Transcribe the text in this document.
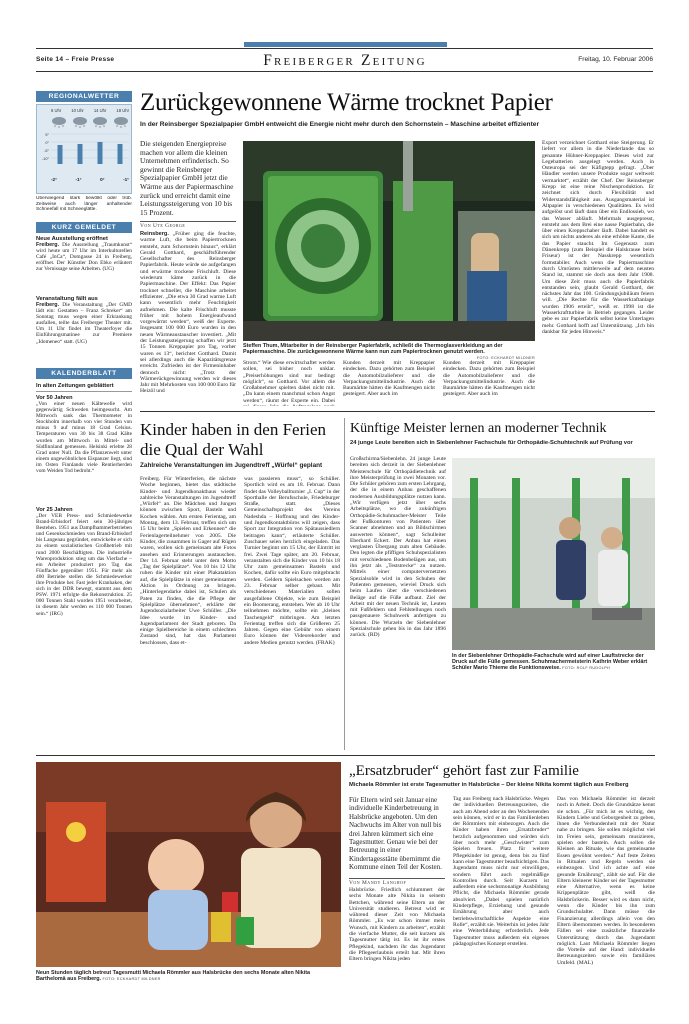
Seite 14 – Freie Presse	Freiberger Zeitung	Freitag, 10. Februar 2006
REGIONALWETTER
6 Uhr 10 Uhr 14 Uhr 18 Uhr
5°
0°
-5°
-10°
-2°	-1°	0°	-1°
Überwiegend stark bewölkt oder trüb. Zeitweise auch länger anhaltender Schneefall mit Schneeglätte.
KURZ GEMELDET
Neue Ausstellung eröffnet
Freiberg. Die Ausstellung „Traumkunst“ wird heute um 17 Uhr im Interkulturellen Café „InCa“, Domgasse 24 in Freiberg, eröffnet. Der Künstler Don Ebko erläutert zur Vernissage seine Arbeiten. (UG)
Veranstaltung fällt aus
Freiberg. Die Veranstaltung „Der GMD lädt ein: Gestatten – Franz Schreker“ am Sonntag muss wegen einer Erkrankung ausfallen, teilte das Freiberger Theater mit. Um 11 Uhr findet im Theaterfoyer die Einführungsmatinee zur Premiere „Idomeneo“ statt. (UG)
KALENDERBLATT
In alten Zeitungen geblättert
Vor 50 Jahren
„Von einer neuen Kältewelle wird gegenwärtig Schweden heimgesucht. Am Mittwoch sank das Thermometer in Stockholm innerhalb von vier Stunden von minus 9 auf minus 18 Grad Celsius. Temperaturen von 30 bis 38 Grad Kälte wurden am Mittwoch in Mittel- und Südfinnland gemessen. Helsinki erlebte 28 Grad unter Null. Da die Pflanzenwelt unter einem ungewöhnlichen Eispanzer liegt, sind im Osten Finnlands viele Rentierherden vom Weiden Tod bedroht.“
Vor 25 Jahren
„Der VEB Press- und Schmiedewerke Brand-Erbisdorf feiert sein 30-jähriges Bestehen. 1951 aus Dampfhammerbetrieben und Gesenkschmieden von Brand-Erbisdorf bis Langenau gegründet, entwickelte er sich zu einem sozialistischen Großbetrieb mit rund 2000 Beschäftigten. Die industrielle Warenproduktion stieg um das Vierfache – ein Arbeiter produziert pro Tag das Fünffache gegenüber 1951. Für mehr als 400 Betriebe stellen die Schmiedewerker ihre Produkte her. Fast jeder Kranhaken, der sich in der DDR bewegt, stammt aus dem PSW. 1971 erfolgte die Rekonstruktion. 25 000 Tonnen Stahl wurden 1951 verarbeitet, in diesem Jahr werden es 110 000 Tonnen sein.“ (IRG)
Zurückgewonnene Wärme trocknet Papier
In der Reinsberger Spezialpapier GmbH entweicht die Energie nicht mehr durch den Schornstein – Maschine arbeitet effizienter
Die steigenden Energiepreise machen vor allem die kleinen Unternehmen erfinderisch. So gewinnt die Reinsberger Spezialpapier GmbH jetzt die Wärme aus der Papiermaschine zurück und erreicht damit eine Leistungssteigerung von 10 bis 15 Prozent.
Von Ute George

Reinsberg. „Früher ging die feuchte, warme Luft, die beim Papiertrocknen entsteht, zum Schornstein hinaus“, erklärt Gerald Gotthard, geschäftsführender Gesellschafter des Reinsberger Papierfabrik. Heute würde sie aufgefangen und erwärme trockene Frischluft. Diese wiederum käme zurück in die Papiermaschine. Der Effekt: Das Papier trocknet schneller, die Maschine arbeitet effizienter. „Die etwa 30 Grad warme Luft kann wesentlich mehr Feuchtigkeit aufnehmen. Die kalte Frischluft musste früher mit hohem Energieaufwand vorgewärmt werden“, weiß der Experte. Insgesamt 100 000 Euro wurden in den neuen Wärmeaustauscher investiert. „Mit der Leistungssteigerung schaffen wir jetzt 15 Tonnen Kreppapier pro Tag, vorher waren es 13“, berichtet Gotthard. Damit sei allerdings auch die Kapazitätsgrenze erreicht. Zufrieden ist der Firmeninhaber dennoch nicht: „Trotz der Wärmerückgewinnung werden wir dieses Jahr mit Mehrkosten von 100 000 Euro für Heizöl und

Steffen Thum, Mitarbeiter in der Reinsberger Papierfabrik, schließt die Thermoglasverkleidung an der Papiermaschine. Die zurückgewonnene Wärme kann nun zum Papiertrocknen genutzt werden.
FOTO: ECKHARDT MILDNER
Strom.“ Wie diese erwirtschaftet werden sollen, sei bisher noch unklar. „Preiserhöhungen sind nur bedingt möglich“, so Gotthard. Vor allem die Großabnehmer spielten dabei nicht mit. „Da kann einem manchmal schon Angst werden“, räumt der Experte ein. Dabei
Kunden derzeit mit Kreppapier eindecken. Dazu gehörten zum Beispiel die Automobilzulieferer und die Verpackungsmittelindustrie. Auch die Baumärkte hätten die Kaufmengen nicht gesteigert. Aber auch im

Kunden derzeit mit Kreppapier eindecken. Dazu gehörten zum Beispiel die Automobilzulieferer und die Verpackungsmittelindustrie. Auch die Baumärkte hätten die Kaufmengen nicht gesteigert. Aber auch im

Export verzeichnet Gotthard eine Steigerung. Er liefert vor allem in die Niederlande das so genannte Hühner-Kreppapier. Dieses wird zur Legebatterien ausgelegt werden. Auch in Osteuropa sei der Käfigtepp gefragt. „Über Händler werden unsere Produkte sogar weltweit vermarktet“, erzählt der Chef. Der Reinsberger Krepp ist eine reine Nischenproduktion. Er zeichnet sich durch Flexibilität und Widerstandsfähigkeit aus. Ausgangsmaterial ist Altpapier in verschiedenen Qualitäten. Es wird aufgelöst und läuft dann über ein Endlossieb, wo das Wasser abläuft. Mehrmals ausgepresst, entsteht aus dem Brei eine nasse Papierbahn, die über einen Kreppschaber läuft. Dabei handelt es sich um nichts anderes als eine erhöhte Kante, die das Papier staucht. Im Gegensatz zum Dänenkrepp (zum Beispiel die Halskrause beim Friseur) ist der Nasskrepp wesentlich formstabiler. Auch wenn die Papiermaschine durch Umrüsten mittlerweile auf dem neusten Stand ist, stammt sie doch aus dem Jahr 1908. Um diese Zeit muss auch die Papierfabrik entstanden sein, glaubt Gerald Gotthard, der nächstes Jahr das 100. Gründungsjubiläum feiern will. „Die Rechte für die Wasserkraftanlage wurden 1906 erteilt“, weiß er. 1998 ist die Wasserkraftturbine in Betrieb gegangen. Leider gebe es zur Papierfabrik selbst keine Unterlagen mehr. Gotthard hofft auf Unterstützung. „Ich bin dankbar für jeden Hinweis.“
Kinder haben in den Ferien die Qual der Wahl
Zahlreiche Veranstaltungen im Jugendtreff „Würfel“ geplant

Freiberg. Für Winterferien, die nächste Woche beginnen, bietet das städtische Kinder- und Jugendkonakthaus wieder zahlreiche Veranstaltungen im Jugendtreff „Würfel“ an. Die Mädchen und Jungen können zwischen Sport, Basteln und Kochen wählen. Am ersten Ferientag, am Montag, dem 13. Februar, treffen sich um 15 Uhr beim „Spielen und Erkennen“ die Ferienlagerteilnehmer von 2005. Die Kinder, die zusammen in Gager auf Rügen waren, wollen sich gemeinsam alte Fotos ansehen und Erinnerungen austauschen. Der 14. Februar steht unter dem Motto „Tag der Spielplätze“. Von 10 bis 12 Uhr ruhen die Kinder mit einer Plakataktion auf, die Spielplätze in einer gemeinsamen Aktion in Ordnung zu bringen. „Hinterlegendarke dabei ist, Schulen als Paten zu finden, die die Pflege der Spielplätze übernehmen“, erklärte der Jugendsozialarbeiter Uwe Schüller. „Die Idee wurde im Kinder- und Jugendparlament der Stadt geboren. Da einige Spielbereiche in einem schlechten Zustand sind, hat das Parlament beschlossen, dass et-

was passieren muss“, so Schüller. Sportlich wird es am 18. Februar. Dann findet das Volleyballturnier „I. Cup“ in der Sporthalle der Berufsschule, Friedeburger Straße, statt. „Dieses Gemeinschaftsprojekt des Vereins Nadeshda – Hoffnung und des Kinder- und Jugendkontaktbüros will zeigen, dass Sport zur Integration von Spätaussiedlern beitragen kann“, erläuterte Schüller. Zuschauer seien herzlich eingeladen. Das Turnier beginnt um 15 Uhr, der Eintritt ist frei. Zwei Tage später, am 20. Februar, veranstalten sich die Kinder von 10 bis 18 Uhr zum gemeinsamen Basteln und Kochen, dafür sollte ein Euro mitgebracht werden. Geldern Spielsachen werden am 23. Februar selber gebaut. Mit verschiedenen Materialien sollen ausgefallene Objekte, wie zum Beispiel ein Boomerang, entstehen. Wer ab 10 Uhr teilnehmen möchte, sollte ein „kleines Taschengeld“ mitbringen. Am letzten Ferientag treffen sich die Größeren 25 Jahren. Gegen eine Gebühr von einem Euro können der Videorekorder und andere Medien genutzt werden. (FRAK)
Künftige Meister lernen an moderner Technik
24 junge Leute bereiten sich in Siebenlehner Fachschule für Orthopädie-Schuhtechnik auf Prüfung vor
Großschirma/Siebenlehn. 24 junge Leute bereiten sich derzeit in der Siebenlehner Meisterschule für Orthopädietechnik auf ihre Meisterprüfung in zwei Monaten vor. Die Schüler gehören zum ersten Lehrgang, der die in einem Anbau geschaffenen modernen Ausbildungsplätze nutzen kann. „Wir verfügen jetzt über sechs Arbeitsplätze, wo die zukünftigen Orthopädie-Schuhmacher-Meister Teile der Fußkonturen von Patienten über Scanner abnehmen und an Bildschirmen auswerten können“, sagt Schulleiter Eberhard Eckert. Der Anbau hat einen verglasten Übergang zum alten Gebäude. Den legten die pfiffigen Schuhspezialisten mit verschiedenen Bodenbelägen aus, um ihn jetzt als „Teststrecke“ zu nutzen. Mittels einer computervernetzten Spezialsohle wird in den Schuhen der Patienten gemessen, wieviel Druck sich beim Laufen über die verschiedenen Beläge auf die Füße aufbaut. Ziel der Arbeit mit der neuen Technik ist, Leuten mit Fußfehlern und Fehlstellungen noch passgenauere Schuhwerk anfertigen zu können. Die Wurzeln der Siebenlehner Spezialschule gehen bis in das Jahr 1896 zurück. (RD)
In der Siebenlehner Orthopädie-Fachschule wird auf einer Lauftstrecke der Druck auf die Füße gemessen. Schuhmachermeisterin Kathrin Weber erklärt Schüler Mario Thieme die Funktionsweise. FOTO: ROLF RUDOLPH
Neun Stunden täglich betreut Tagesmutti Michaela Römmler aus Halsbrücke den sechs Monate alten Nikita Barthelomä aus Freiberg. FOTO: ECKHARDT MILDNER
„Ersatzbruder“ gehört fast zur Familie
Michaela Römmler ist erste Tagesmutter in Halsbrücke – Der kleine Nikita kommt täglich aus Freiberg
Für Eltern wird seit Januar eine individuelle Kinderbetreuung in Halsbrücke angeboten. Um den Nachwuchs im Alter von null bis drei Jahren kümmert sich eine Tagesmutter. Genau wie bei der Betreuung in einer Kindertagesstätte übernimmt die Kommune einen Teil der Kosten.
Von Mandy Langhof

Halsbrücke. Friedlich schlummert der sechs Monate alte Nikita in seinem Bettchen, während seine Eltern an der Universität studieren. Betreut wird er während dieser Zeit von Michaela Römmler. „Es war schon immer mein Wunsch, mit Kindern zu arbeiten“, erzählt die vierfache Mutter, die seit kurzem als Tagesmutter tätig ist. Es ist ihr erstes Pflegekind, nachdem ihr das Jugendamt die Pflegeerlaubnis erteilt hat. Mit ihren Eltern bringen Nikita jeden

Tag aus Freiberg nach Halsbrücke. Wegen der individuellen Betreuungszeiten, die auch am Abend oder an den Wochenenden sein können, wird er in das Familienleben der Römmlers mit einbezogen. Auch die Kinder haben ihren „Ersatzbruder“ herzlich aufgenommen und würden sich über noch mehr „Geschwister“ zum Spielen freuen. Platz für weitere Pflegekinder ist genug, denn bis zu fünf kann eine Tagesmutter beaufsichtigen. Das Jugendamt muss nicht nur einwilligen, sondern führt auch regelmäßige Kontrollen durch. Seit Kurzem ist außerdem eine sechsmonatige Ausbildung Pflicht, die Michaela Römmler gerade absolviert. „Dabei spielen natürlich Kinderpflege, Erziehung und gesunde Ernährung aber auch betriebswirtschaftliche Aspekte eine Rolle“, erzählt sie. Weiterhin ist jedes Jahr eine Weiterbildung erforderlich. Jede Tagesmutter muss außerdem ein eigenes pädagogisches Konzept erstellen.
Das von Michaela Römmler ist derzeit noch in Arbeit. Doch die Grundsätze kennt sie schon. „Für mich ist es wichtig, den Kindern Liebe und Geborgenheit zu geben, ihnen die Verbundenheit mit der Natur nahe zu bringen. Sie sollen möglichst viel im Freien sein, gemeinsam musizieren, spielen oder basteln. Auch sollen die Kleinen an Rituale, wie das gemeinsame Essen gewöhnt werden.“ Auf feste Zeiten in Ritualen und Regeln werden sie einbezogen. Und ich achte auf eine gesunde Ernährung“, zählt sie auf. Für die Eltern kleinerer Kinder sei der Tagesmutter eine Alternative, wenn es keine Krippenplätze gibt, weiß die Halsbrückerin. Besser wird es dann nicht, wenn die Kinder bis ihn zum Grundschulalter. Dann müsse die Finanzierung allerdings allein von den Eltern übernommen werden. In besonderen Fällen sei eine zusätzliche finanzielle Unterstützung durch das Jugendamt möglich. Laut Michaela Römmler liegen die Vorteile auf der Hand: individuelle Betreuungszeiten sowie ein familiäres Umfeld. (MAL)
